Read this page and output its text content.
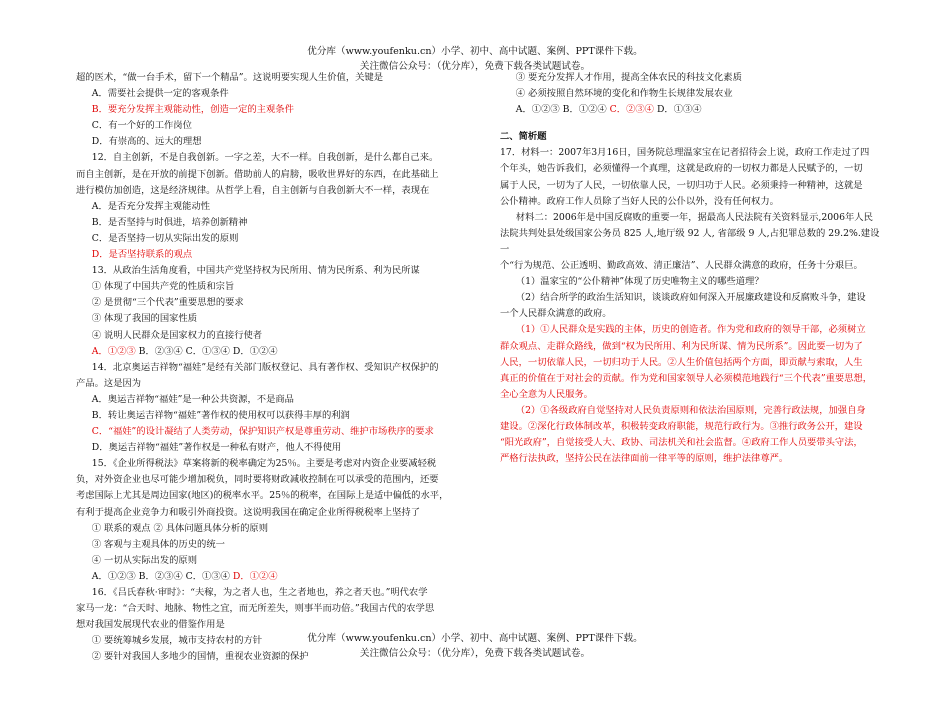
优分库（www.youfenku.cn）小学、初中、高中试题、案例、PPT课件下载。
关注微信公众号：（优分库），免费下载各类试题试卷。

超的医术，“做一台手术，留下一个精品”。这说明要实现人生价值，关键是

A．需要社会提供一定的客观条件

B．要充分发挥主观能动性，创造一定的主观条件

C．有一个好的工作岗位

D．有崇高的、远大的理想

12．自主创新，不是自我创新。一字之差，大不一样。自我创新，是什么都自己来。

而自主创新，是在开放的前提下创新。借助前人的肩膀，吸收世界好的东西，在此基础上

进行模仿加创造，这是经济规律。从哲学上看，自主创新与自我创新大不一样，表现在

A．是否充分发挥主观能动性

B．是否坚持与时俱进，培养创新精神

C．是否坚持一切从实际出发的原则

D．是否坚持联系的观点

13．从政治生活角度看，中国共产党坚持权为民所用、情为民所系、利为民所谋

① 体现了中国共产党的性质和宗旨

② 是贯彻“三个代表”重要思想的要求

③ 体现了我国的国家性质

④ 说明人民群众是国家权力的直接行使者

A．①②③ B．②③④ C．①③④ D．①②④

14．北京奥运吉祥物“福娃”是经有关部门版权登记、具有著作权、受知识产权保护的

产品。这是因为

A．奥运吉祥物“福娃”是一种公共资源，不是商品

B．转让奥运吉祥物“福娃”著作权的使用权可以获得丰厚的利润

C．“福娃”的设计凝结了人类劳动，保护知识产权是尊重劳动、维护市场秩序的要求

D．奥运吉祥物“福娃”著作权是一种私有财产，他人不得使用

15．《企业所得税法》草案将新的税率确定为25％。主要是考虑对内资企业要减轻税

负，对外资企业也尽可能少增加税负，同时要将财政减收控制在可以承受的范围内，还要

考虑国际上尤其是周边国家(地区)的税率水平。25％的税率，在国际上是适中偏低的水平，

有利于提高企业竞争力和吸引外商投资。这说明我国在确定企业所得税税率上坚持了

① 联系的观点 ② 具体问题具体分析的原则

③ 客观与主观具体的历史的统一

④ 一切从实际出发的原则

A．①②③ B．②③④ C．①③④ D．①②④

16．《吕氏春秋·审时》：“夫稼，为之者人也，生之者地也，养之者天也。”明代农学

家马一龙：“合天时、地脉、物性之宜，而无所差失，则事半而功倍。”我国古代的农学思

想对我国发展现代农业的借鉴作用是

① 要统筹城乡发展，城市支持农村的方针

② 要针对我国人多地少的国情，重视农业资源的保护

③ 要充分发挥人才作用，提高全体农民的科技文化素质

④ 必须按照自然环境的变化和作物生长规律发展农业

A．①②③ B．①②④ C．②③④ D．①③④

二、简析题

17．材料一：2007年3月16日，国务院总理温家宝在记者招待会上说，政府工作走过了四

个年头，她告诉我们，必须懂得一个真理，这就是政府的一切权力都是人民赋予的，一切

属于人民，一切为了人民，一切依靠人民，一切归功于人民。必须秉持一种精神，这就是

公仆精神。政府工作人员除了当好人民的公仆以外，没有任何权力。

材料二：2006年是中国反腐败的重要一年，据最高人民法院有关资料显示,2006年人民

法院共判处县处级国家公务员 825 人,地厅级 92 人, 省部级 9 人,占犯罪总数的 29.2%.建设一

个“行为规范、公正透明、勤政高效、清正廉洁”、人民群众满意的政府，任务十分艰巨。

（1）温家宝的“公仆精神”体现了历史唯物主义的哪些道理？

（2）结合所学的政治生活知识，谈谈政府如何深入开展廉政建设和反腐败斗争，建设

一个人民群众满意的政府。

（1）①人民群众是实践的主体，历史的创造者。作为党和政府的领导干部，必须树立

群众观点、走群众路线，做到“权为民所用、利为民所谋、情为民所系”。因此要一切为了

人民，一切依靠人民，一切归功于人民。②人生价值包括两个方面，即贡献与索取，人生

真正的价值在于对社会的贡献。作为党和国家领导人必须模范地践行“三个代表”重要思想，

全心全意为人民服务。

（2）①各级政府自觉坚持对人民负责原则和依法治国原则，完善行政法规，加强自身

建设。②深化行政体制改革，积极转变政府职能，规范行政行为。③推行政务公开，建设

“阳光政府”，自觉接受人大、政协、司法机关和社会监督。④政府工作人员要带头守法，

严格行法执政，坚持公民在法律面前一律平等的原则，维护法律尊严。

优分库（www.youfenku.cn）小学、初中、高中试题、案例、PPT课件下载。
关注微信公众号：（优分库），免费下载各类试题试卷。
